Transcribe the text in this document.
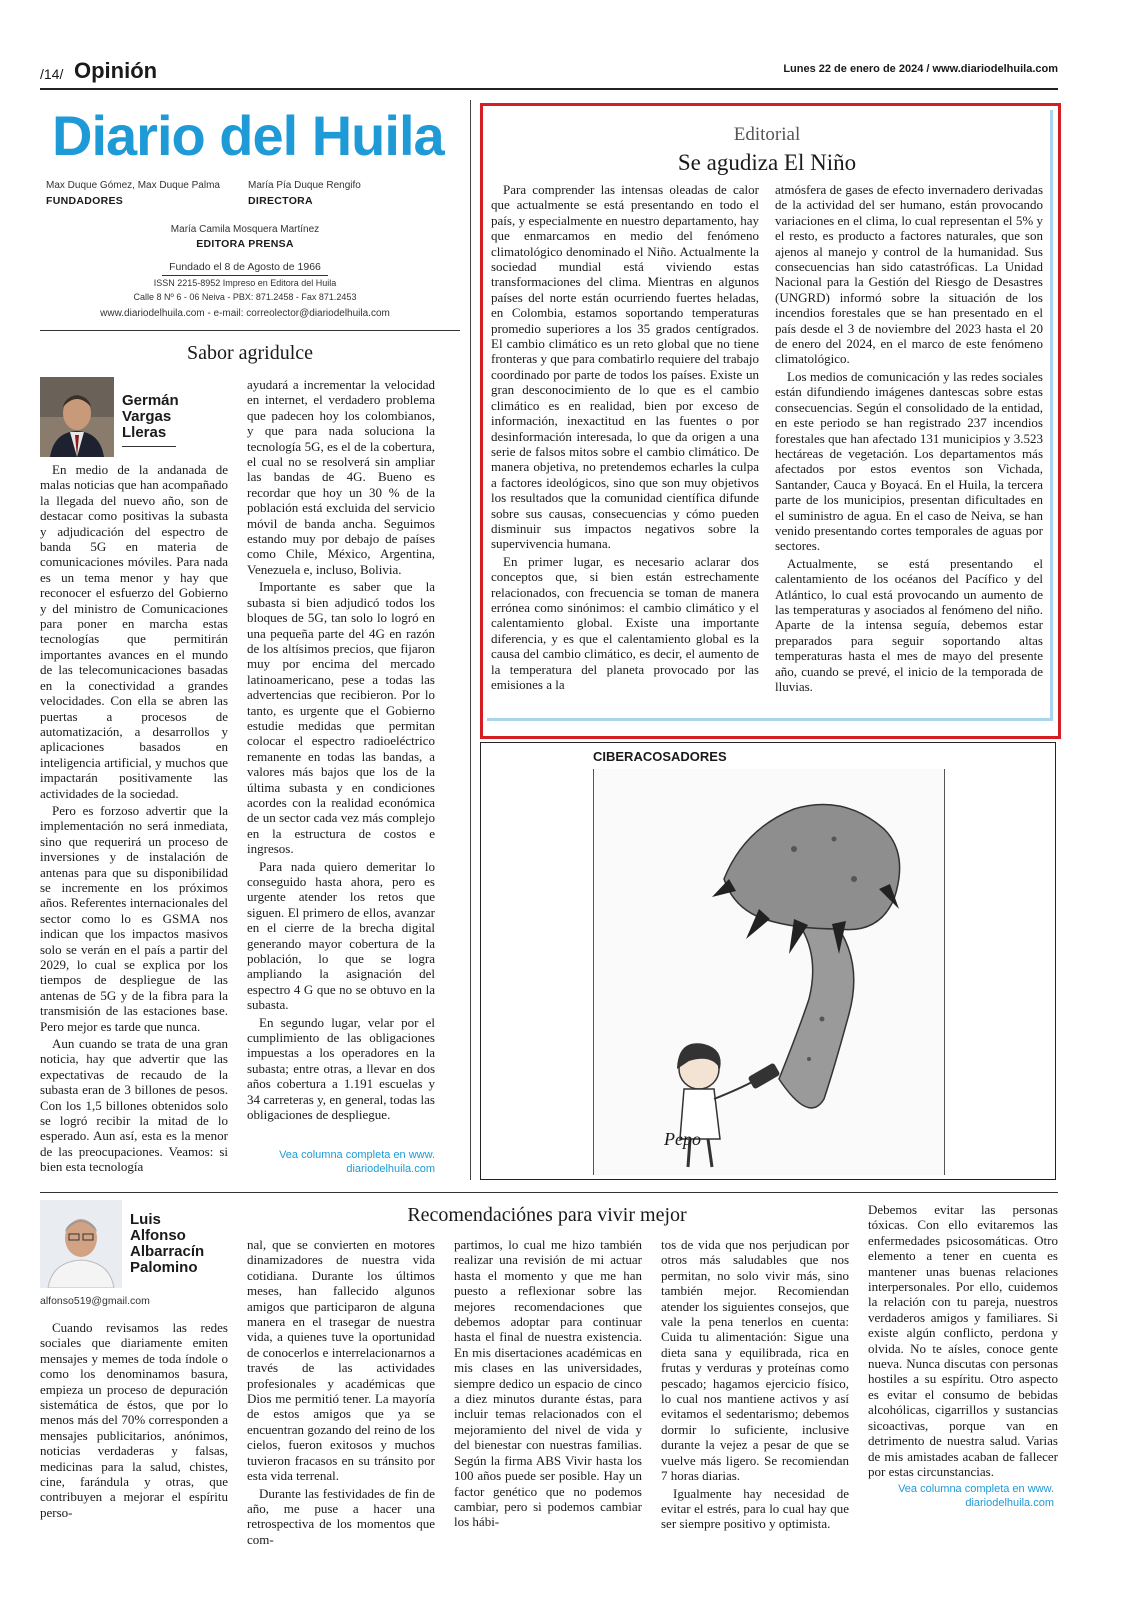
/14/ Opinión	Lunes 22 de enero de 2024 / www.diariodelhuila.com
Diario del Huila
Max Duque Gómez, Max Duque Palma
FUNDADORES
María Pía Duque Rengifo
DIRECTORA
María Camila Mosquera Martínez
EDITORA PRENSA
Fundado el 8 de Agosto de 1966
ISSN 2215-8952 Impreso en Editora del Huila
Calle 8 Nº 6 - 06 Neiva - PBX: 871.2458 - Fax 871.2453
www.diariodelhuila.com - e-mail: correolector@diariodelhuila.com
Sabor agridulce
Germán
Vargas
Lleras

En medio de la andanada de malas noticias que han acompañado la llegada del nuevo año, son de destacar como positivas la subasta y adjudicación del espectro de banda 5G en materia de comunicaciones móviles. Para nada es un tema menor y hay que reconocer el esfuerzo del Gobierno y del ministro de Comunicaciones para poner en marcha estas tecnologías que permitirán importantes avances en el mundo de las telecomunicaciones basadas en la conectividad a grandes velocidades. Con ella se abren las puertas a procesos de automatización, a desarrollos y aplicaciones basados en inteligencia artificial, y muchos que impactarán positivamente las actividades de la sociedad.

Pero es forzoso advertir que la implementación no será inmediata, sino que requerirá un proceso de inversiones y de instalación de antenas para que su disponibilidad se incremente en los próximos años. Referentes internacionales del sector como lo es GSMA nos indican que los impactos masivos solo se verán en el país a partir del 2029, lo cual se explica por los tiempos de despliegue de las antenas de 5G y de la fibra para la transmisión de las estaciones base. Pero mejor es tarde que nunca.

Aun cuando se trata de una gran noticia, hay que advertir que las expectativas de recaudo de la subasta eran de 3 billones de pesos. Con los 1,5 billones obtenidos solo se logró recibir la mitad de lo esperado. Aun así, esta es la menor de las preocupaciones. Veamos: si bien esta tecnología

ayudará a incrementar la velocidad en internet, el verdadero problema que padecen hoy los colombianos, y que para nada soluciona la tecnología 5G, es el de la cobertura, el cual no se resolverá sin ampliar las bandas de 4G. Bueno es recordar que hoy un 30 % de la población está excluida del servicio móvil de banda ancha. Seguimos estando muy por debajo de países como Chile, México, Argentina, Venezuela e, incluso, Bolivia.

Importante es saber que la subasta si bien adjudicó todos los bloques de 5G, tan solo lo logró en una pequeña parte del 4G en razón de los altísimos precios, que fijaron muy por encima del mercado latinoamericano, pese a todas las advertencias que recibieron. Por lo tanto, es urgente que el Gobierno estudie medidas que permitan colocar el espectro radioeléctrico remanente en todas las bandas, a valores más bajos que los de la última subasta y en condiciones acordes con la realidad económica de un sector cada vez más complejo en la estructura de costos e ingresos.

Para nada quiero demeritar lo conseguido hasta ahora, pero es urgente atender los retos que siguen. El primero de ellos, avanzar en el cierre de la brecha digital generando mayor cobertura de la población, lo que se logra ampliando la asignación del espectro 4 G que no se obtuvo en la subasta.

En segundo lugar, velar por el cumplimiento de las obligaciones impuestas a los operadores en la subasta; entre otras, a llevar en dos años cobertura a 1.191 escuelas y 34 carreteras y, en general, todas las obligaciones de despliegue.

Vea columna completa en www.
diariodelhuila.com
Editorial
Se agudiza El Niño

Para comprender las intensas oleadas de calor que actualmente se está presentando en todo el país, y especialmente en nuestro departamento, hay que enmarcamos en medio del fenómeno climatológico denominado el Niño. Actualmente la sociedad mundial está viviendo estas transformaciones del clima. Mientras en algunos países del norte están ocurriendo fuertes heladas, en Colombia, estamos soportando temperaturas promedio superiores a los 35 grados centígrados. El cambio climático es un reto global que no tiene fronteras y que para combatirlo requiere del trabajo coordinado por parte de todos los países. Existe un gran desconocimiento de lo que es el cambio climático es en realidad, bien por exceso de información, inexactitud en las fuentes o por desinformación interesada, lo que da origen a una serie de falsos mitos sobre el cambio climático. De manera objetiva, no pretendemos echarles la culpa a factores ideológicos, sino que son muy objetivos los resultados que la comunidad científica difunde sobre sus causas, consecuencias y cómo pueden disminuir sus impactos negativos sobre la supervivencia humana.

En primer lugar, es necesario aclarar dos conceptos que, si bien están estrechamente relacionados, con frecuencia se toman de manera errónea como sinónimos: el cambio climático y el calentamiento global. Existe una importante diferencia, y es que el calentamiento global es la causa del cambio climático, es decir, el aumento de la temperatura del planeta provocado por las emisiones a la

atmósfera de gases de efecto invernadero derivadas de la actividad del ser humano, están provocando variaciones en el clima, lo cual representan el 5% y el resto, es producto a factores naturales, que son ajenos al manejo y control de la humanidad. Sus consecuencias han sido catastróficas. La Unidad Nacional para la Gestión del Riesgo de Desastres (UNGRD) informó sobre la situación de los incendios forestales que se han presentado en el país desde el 3 de noviembre del 2023 hasta el 20 de enero del 2024, en el marco de este fenómeno climatológico.

Los medios de comunicación y las redes sociales están difundiendo imágenes dantescas sobre estas consecuencias. Según el consolidado de la entidad, en este periodo se han registrado 237 incendios forestales que han afectado 131 municipios y 3.523 hectáreas de vegetación. Los departamentos más afectados por estos eventos son Vichada, Santander, Cauca y Boyacá. En el Huila, la tercera parte de los municipios, presentan dificultades en el suministro de agua. En el caso de Neiva, se han venido presentando cortes temporales de aguas por sectores.

Actualmente, se está presentando el calentamiento de los océanos del Pacífico y del Atlántico, lo cual está provocando un aumento de las temperaturas y asociados al fenómeno del niño. Aparte de la intensa seguía, debemos estar preparados para seguir soportando altas temperaturas hasta el mes de mayo del presente año, cuando se prevé, el inicio de la temporada de lluvias.

CIBERACOSADORES
Pepo
Luis
Alfonso
Albarracín
Palomino
alfonso519@gmail.com
Recomendaciónes para vivir mejor

Cuando revisamos las redes sociales que diariamente emiten mensajes y memes de toda índole o como los denominamos basura, empieza un proceso de depuración sistemática de éstos, que por lo menos más del 70% corresponden a mensajes publicitarios, anónimos, noticias verdaderas y falsas, medicinas para la salud, chistes, cine, farándula y otras, que contribuyen a mejorar el espíritu perso-

nal, que se convierten en motores dinamizadores de nuestra vida cotidiana. Durante los últimos meses, han fallecido algunos amigos que participaron de alguna manera en el trasegar de nuestra vida, a quienes tuve la oportunidad de conocerlos e interrelacionarnos a través de las actividades profesionales y académicas que Dios me permitió tener. La mayoría de estos amigos que ya se encuentran gozando del reino de los cielos, fueron exitosos y muchos tuvieron fracasos en su tránsito por esta vida terrenal.

Durante las festividades de fin de año, me puse a hacer una retrospectiva de los momentos que com-

partimos, lo cual me hizo también realizar una revisión de mi actuar hasta el momento y que me han puesto a reflexionar sobre las mejores recomendaciones que debemos adoptar para continuar hasta el final de nuestra existencia. En mis disertaciones académicas en mis clases en las universidades, siempre dedico un espacio de cinco a diez minutos durante éstas, para incluir temas relacionados con el mejoramiento del nivel de vida y del bienestar con nuestras familias. Según la firma ABS Vivir hasta los 100 años puede ser posible. Hay un factor genético que no podemos cambiar, pero si podemos cambiar los hábi-

tos de vida que nos perjudican por otros más saludables que nos permitan, no solo vivir más, sino también mejor. Recomiendan atender los siguientes consejos, que vale la pena tenerlos en cuenta: Cuida tu alimentación: Sigue una dieta sana y equilibrada, rica en frutas y verduras y proteínas como pescado; hagamos ejercicio físico, lo cual nos mantiene activos y así evitamos el sedentarismo; debemos dormir lo suficiente, inclusive durante la vejez a pesar de que se vuelve más ligero. Se recomiendan 7 horas diarias.

Igualmente hay necesidad de evitar el estrés, para lo cual hay que ser siempre positivo y optimista.

Debemos evitar las personas tóxicas. Con ello evitaremos las enfermedades psicosomáticas. Otro elemento a tener en cuenta es mantener unas buenas relaciones interpersonales. Por ello, cuidemos la relación con tu pareja, nuestros verdaderos amigos y familiares. Si existe algún conflicto, perdona y olvida. No te aísles, conoce gente nueva. Nunca discutas con personas hostiles a su espíritu. Otro aspecto es evitar el consumo de bebidas alcohólicas, cigarrillos y sustancias sicoactivas, porque van en detrimento de nuestra salud. Varias de mis amistades acaban de fallecer por estas circunstancias.

Vea columna completa en www.
diariodelhuila.com
